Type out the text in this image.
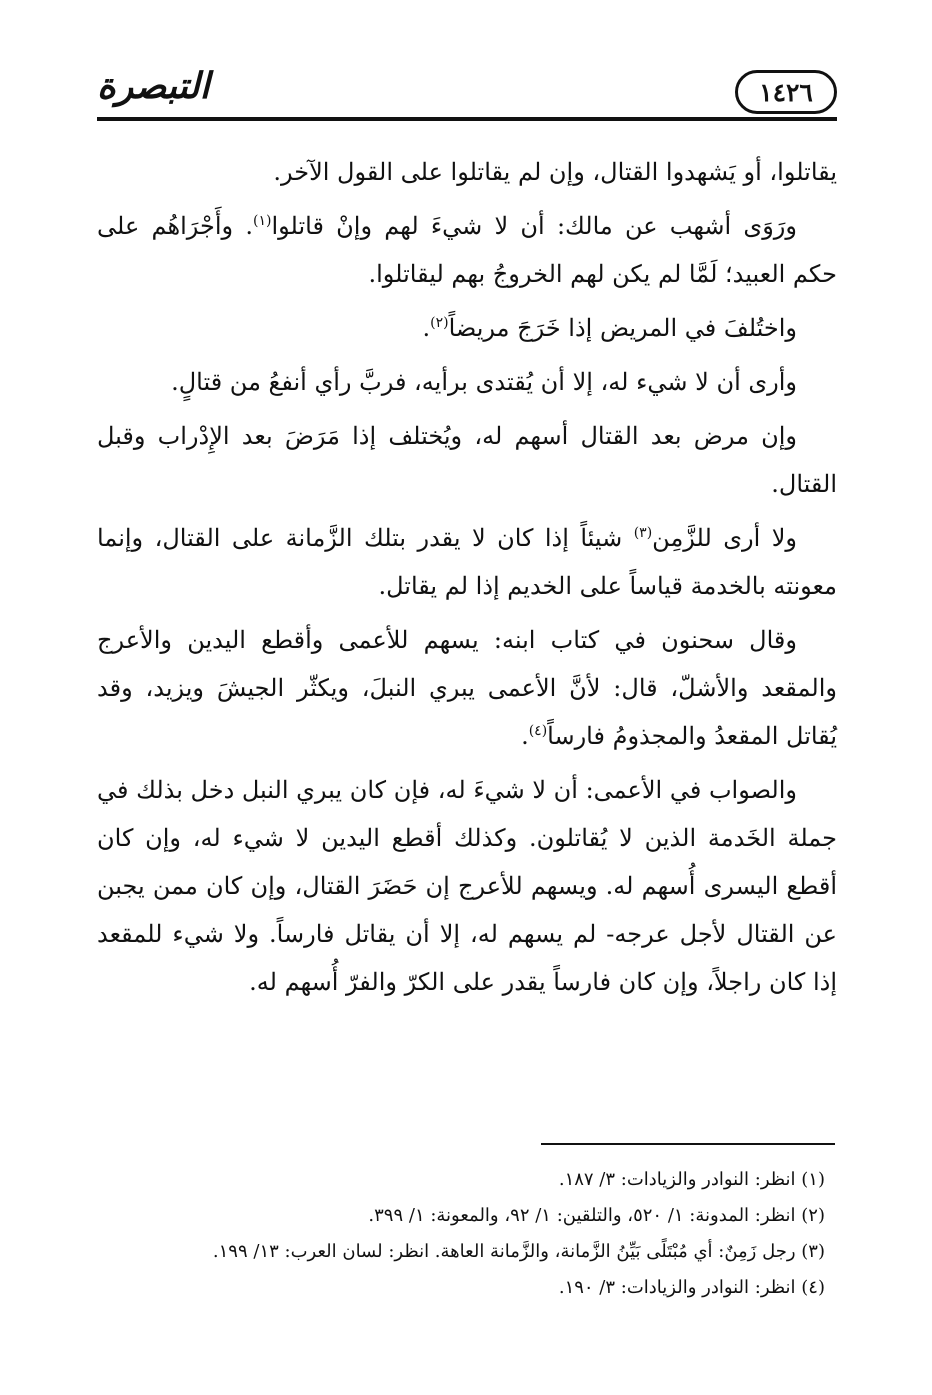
١٤٢٦
التبصرة

يقاتلوا، أو يَشهدوا القتال، وإن لم يقاتلوا على القول الآخر.

ورَوَى أشهب عن مالك: أن لا شيءَ لهم وإنْ قاتلوا$^{(١)}$. وأَجْرَاهُم على حكم العبيد؛ لَمَّا لم يكن لهم الخروجُ بهم ليقاتلوا.

واختُلفَ في المريض إذا خَرَجَ مريضاً$^{(٢)}$.

وأرى أن لا شيء له، إلا أن يُقتدى برأيه، فربَّ رأي أنفعُ من قتالٍ.

وإن مرض بعد القتال أسهم له، ويُختلف إذا مَرَضَ بعد الإِدْراب وقبل القتال.

ولا أرى للزَّمِن$^{(٣)}$ شيئاً إذا كان لا يقدر بتلك الزَّمانة على القتال، وإنما معونته بالخدمة قياساً على الخديم إذا لم يقاتل.

وقال سحنون في كتاب ابنه: يسهم للأعمى وأقطع اليدين والأعرج والمقعد والأشلّ، قال: لأنَّ الأعمى يبري النبلَ، ويكثّر الجيشَ ويزيد، وقد يُقاتل المقعدُ والمجذومُ فارساً$^{(٤)}$.

والصواب في الأعمى: أن لا شيءَ له، فإن كان يبري النبل دخل بذلك في جملة الخَدمة الذين لا يُقاتلون. وكذلك أقطع اليدين لا شيء له، وإن كان أقطع اليسرى أُسهم له. ويسهم للأعرج إن حَضَرَ القتال، وإن كان ممن يجبن عن القتال لأجل عرجه- لم يسهم له، إلا أن يقاتل فارساً. ولا شيء للمقعد إذا كان راجلاً، وإن كان فارساً يقدر على الكرّ والفرّ أُسهم له.

(١) انظر: النوادر والزيادات: ٣/ ١٨٧.

(٢) انظر: المدونة: ١/ ٥٢٠، والتلقين: ١/ ٩٢، والمعونة: ١/ ٣٩٩.

(٣) رجل زَمِنٌ: أي مُبْتَلًى بَيِّنُ الزَّمانة، والزَّمانة العاهة. انظر: لسان العرب: ١٣/ ١٩٩.

(٤) انظر: النوادر والزيادات: ٣/ ١٩٠.
